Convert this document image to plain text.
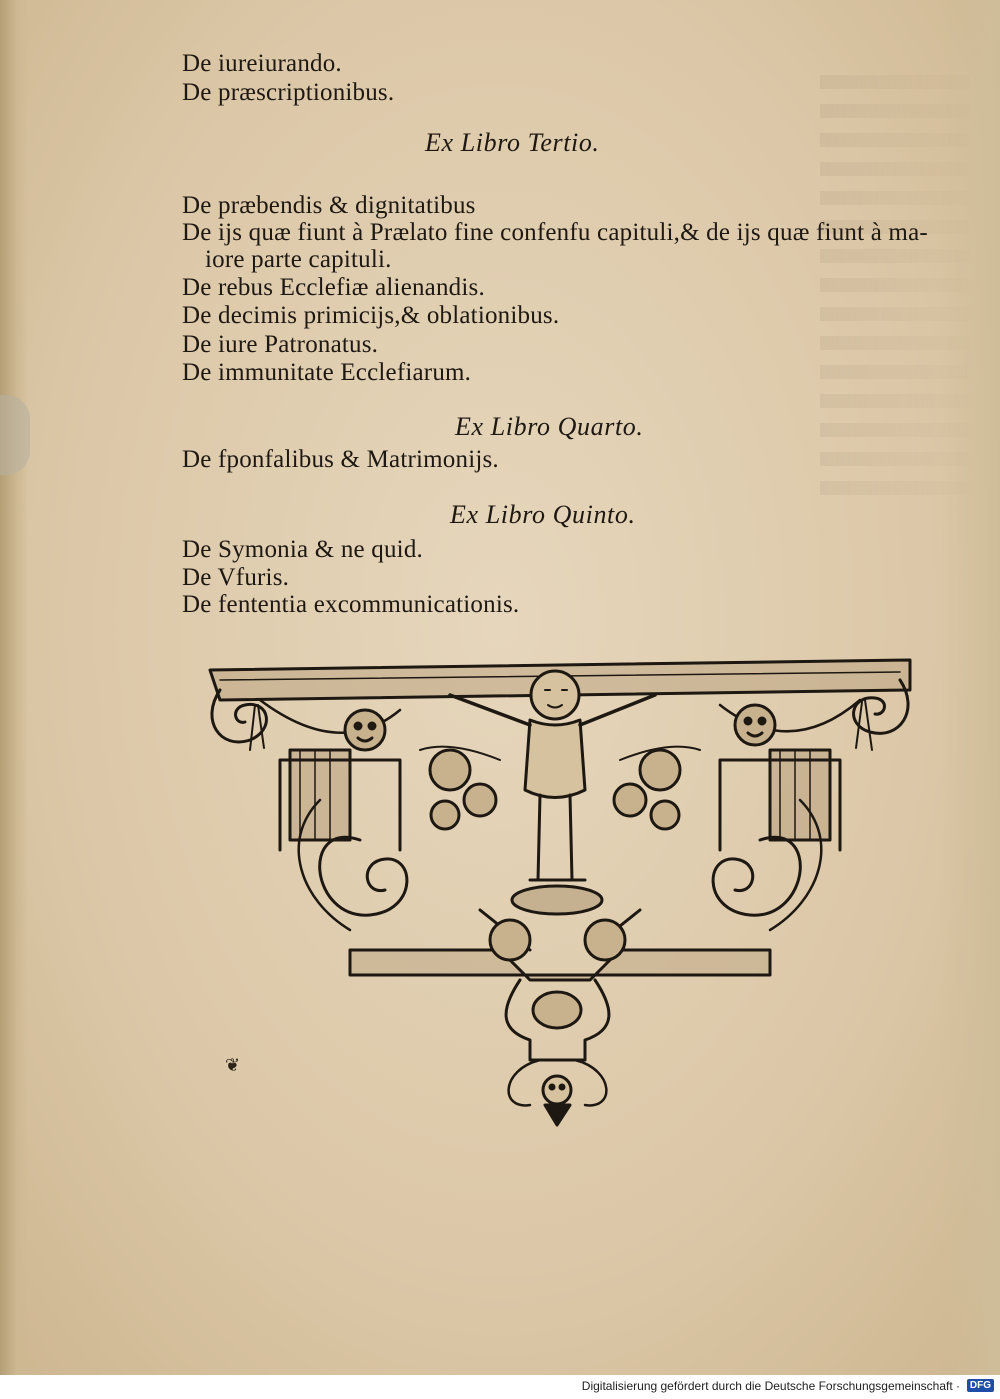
De iureiurando.
De præscriptionibus.
Ex Libro Tertio.
De præbendis & dignitatibus
De ijs quæ fiunt à Prælato fine confenfu capituli,& de ijs quæ fiunt à ma-
iore parte capituli.
De rebus Ecclefiæ alienandis.
De decimis primicijs,& oblationibus.
De iure Patronatus.
De immunitate Ecclefiarum.
Ex Libro Quarto.
De fponfalibus & Matrimonijs.
Ex Libro Quinto.
De Symonia & ne quid.
De Vfuris.
De fententia excommunicationis.
❦
Digitalisierung gefördert durch die Deutsche Forschungsgemeinschaft · DFG
